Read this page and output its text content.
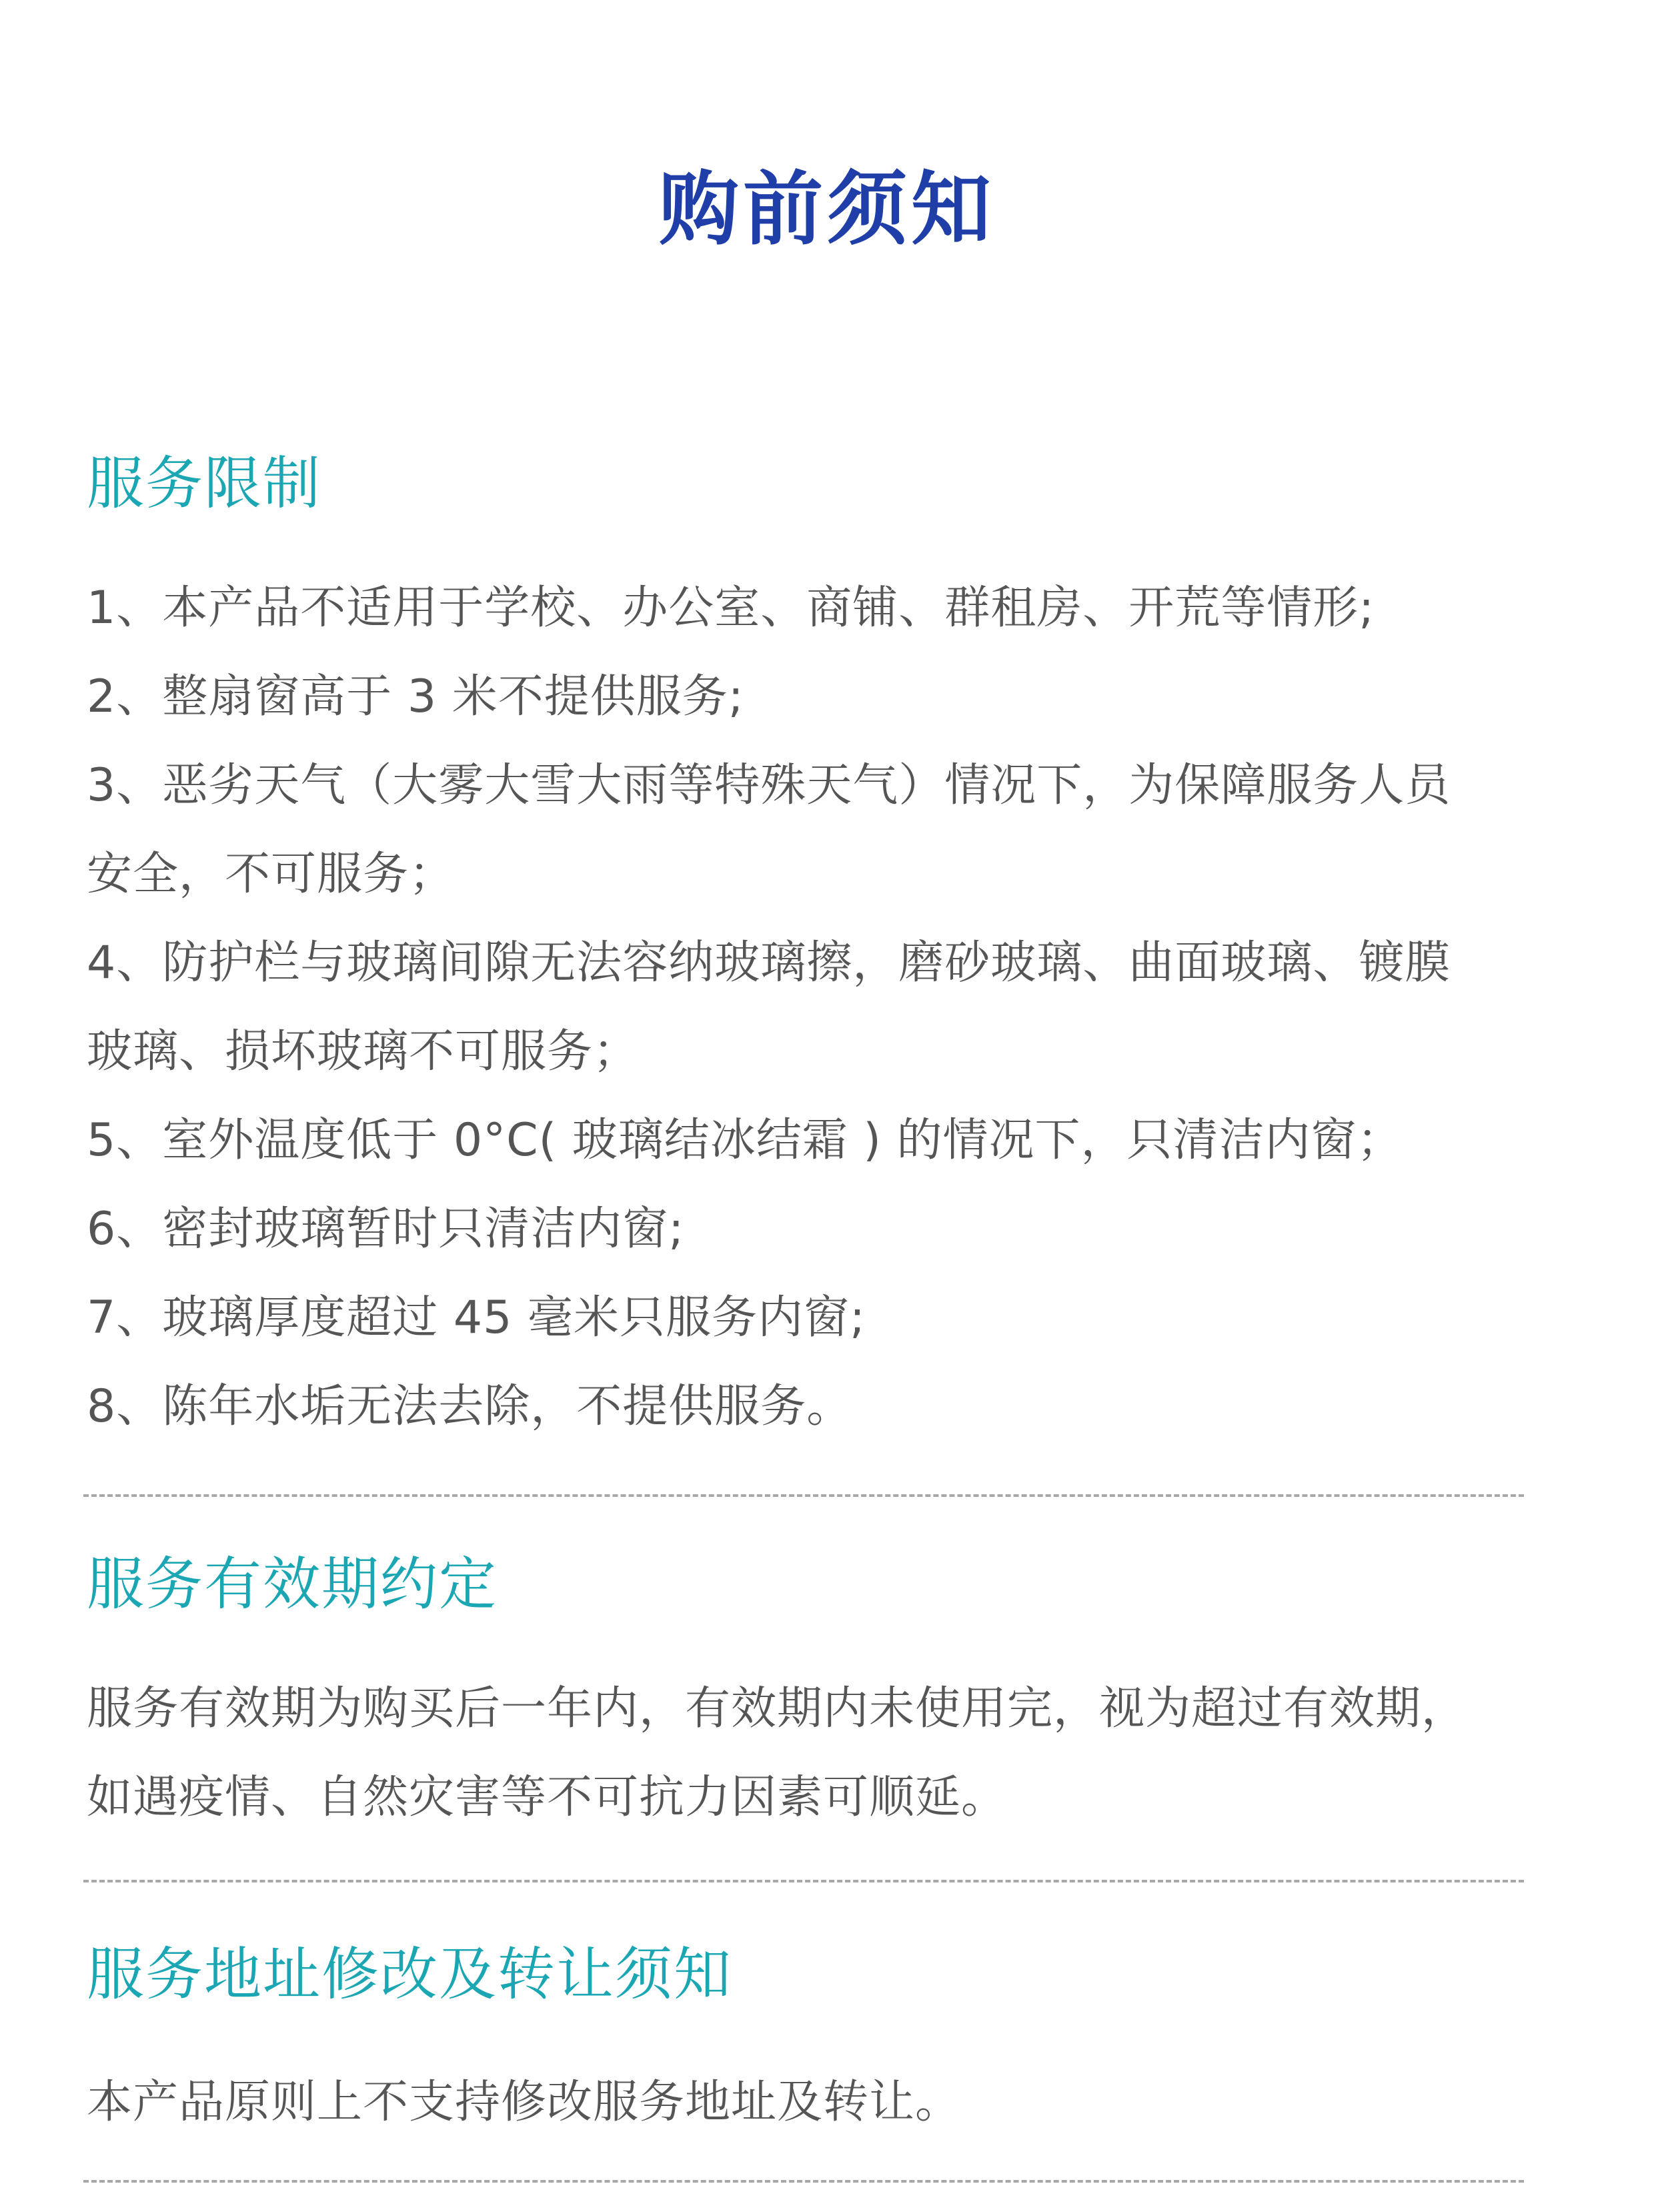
购前须知
服务限制
1、本产品不适用于学校、办公室、商铺、群租房、开荒等情形;
2、整扇窗高于 3 米不提供服务;
3、恶劣天气（大雾大雪大雨等特殊天气）情况下，为保障服务人员
安全，不可服务；
4、防护栏与玻璃间隙无法容纳玻璃擦，磨砂玻璃、曲面玻璃、镀膜
玻璃、损坏玻璃不可服务；
5、室外温度低于 0°C( 玻璃结冰结霜 ) 的情况下，只清洁内窗；
6、密封玻璃暂时只清洁内窗;
7、玻璃厚度超过 45 毫米只服务内窗;
8、陈年水垢无法去除，不提供服务。
服务有效期约定

服务有效期为购买后一年内，有效期内未使用完，视为超过有效期，
如遇疫情、自然灾害等不可抗力因素可顺延。

服务地址修改及转让须知

本产品原则上不支持修改服务地址及转让。
